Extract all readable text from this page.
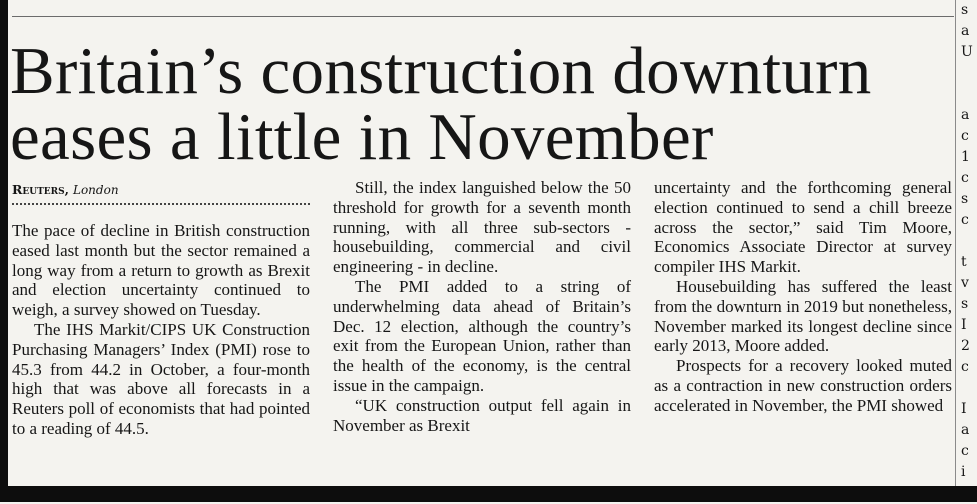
s
a
U
a
c
1
c
s
c
t
v
s
I
2
c
I
a
c
i
Britain’s construction downturn eases a little in November
Reuters, London

The pace of decline in British construction eased last month but the sector remained a long way from a return to growth as Brexit and election uncertainty continued to weigh, a survey showed on Tuesday.

The IHS Markit/CIPS UK Construction Purchasing Managers’ Index (PMI) rose to 45.3 from 44.2 in October, a four-month high that was above all forecasts in a Reuters poll of economists that had pointed to a reading of 44.5.

Still, the index languished below the 50 threshold for growth for a seventh month running, with all three sub-sectors - housebuilding, commercial and civil engineering - in decline.

The PMI added to a string of underwhelming data ahead of Britain’s Dec. 12 election, although the country’s exit from the European Union, rather than the health of the economy, is the central issue in the campaign.

“UK construction output fell again in November as Brexit

uncertainty and the forthcoming general election continued to send a chill breeze across the sector,” said Tim Moore, Economics Associate Director at survey compiler IHS Markit.

Housebuilding has suffered the least from the downturn in 2019 but nonetheless, November marked its longest decline since early 2013, Moore added.

Prospects for a recovery looked muted as a contraction in new construction orders accelerated in November, the PMI showed
